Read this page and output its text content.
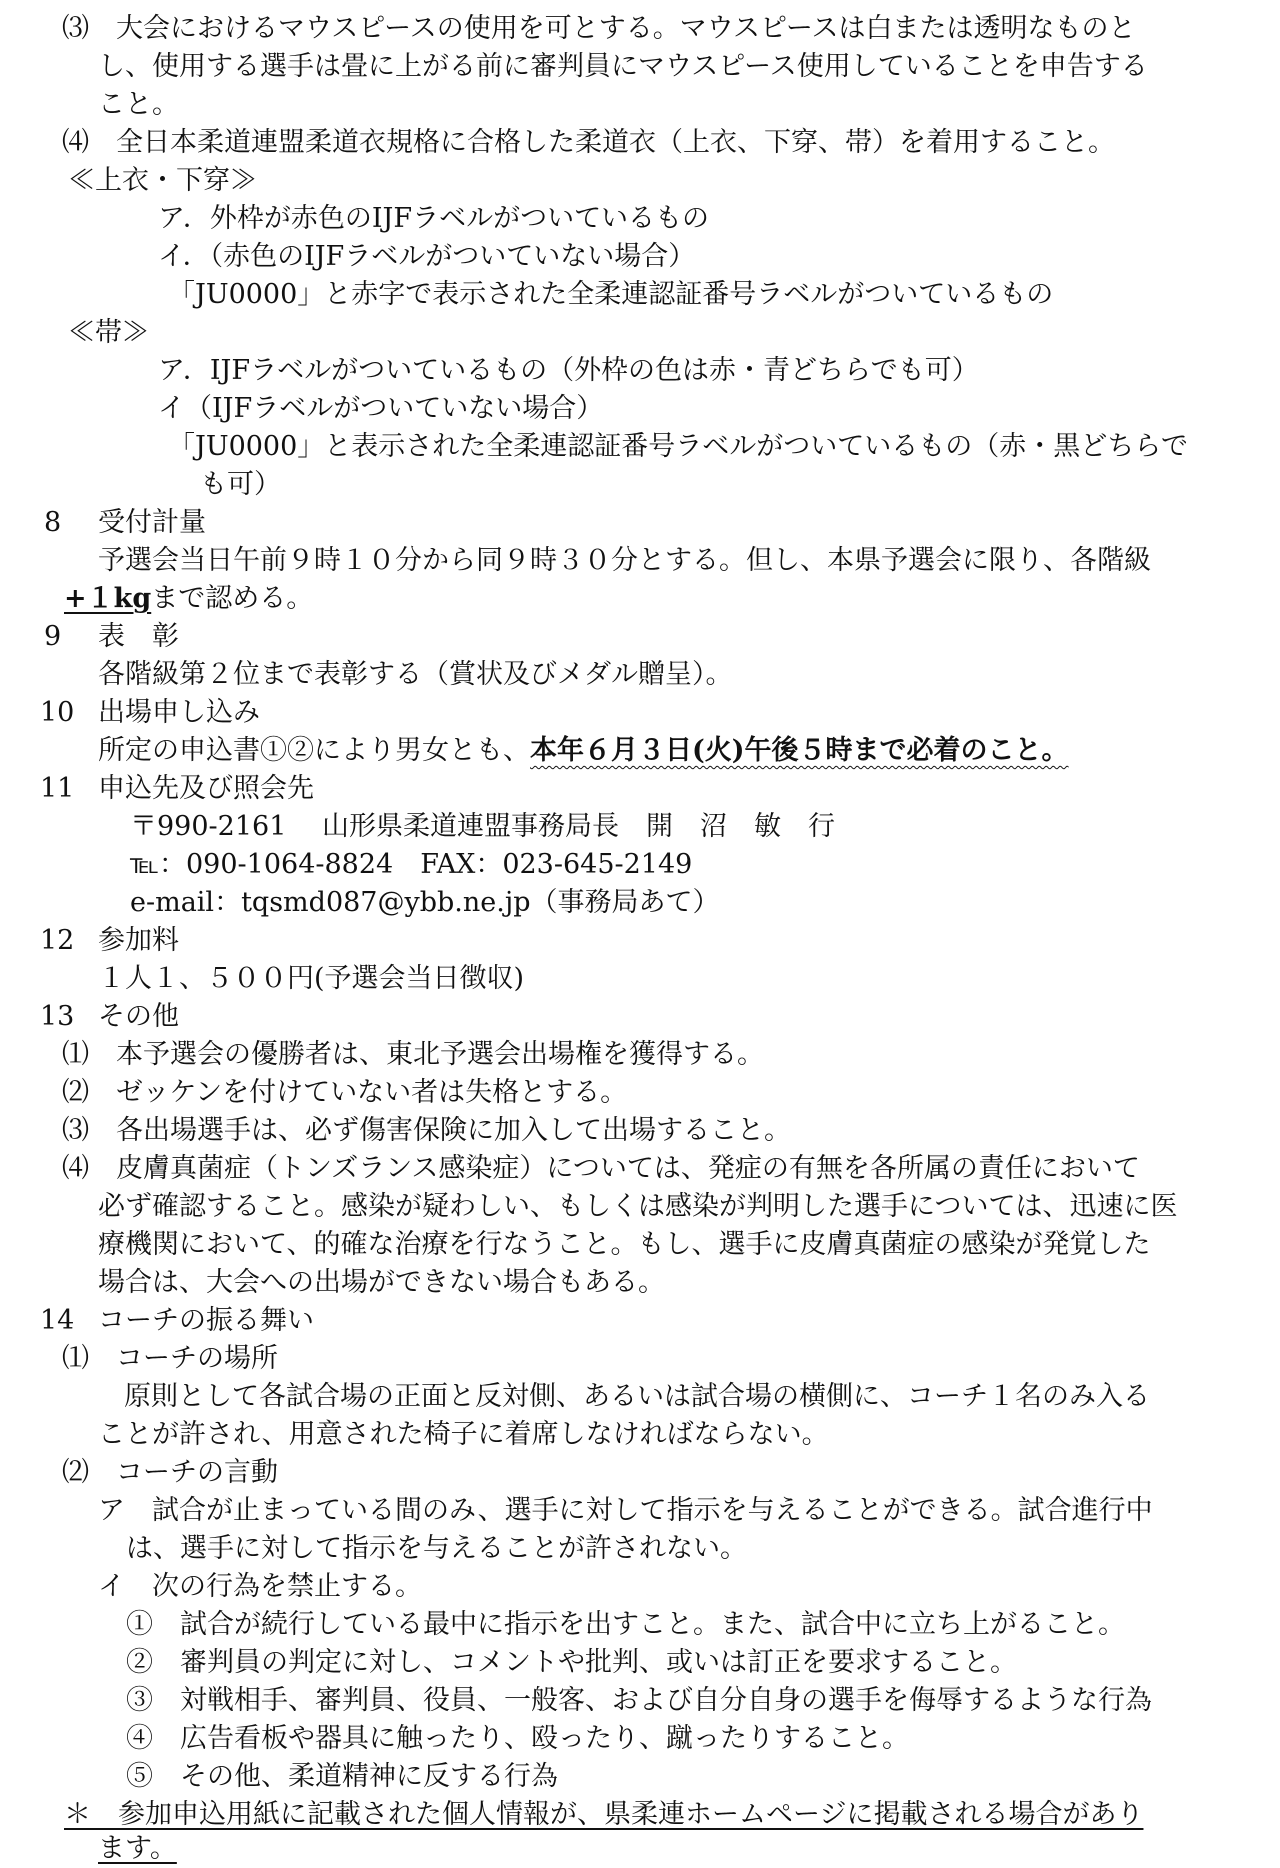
⑶　大会におけるマウスピースの使用を可とする。マウスピースは白または透明なものと
し、使用する選手は畳に上がる前に審判員にマウスピース使用していることを申告する
こと。
⑷　全日本柔道連盟柔道衣規格に合格した柔道衣（上衣、下穿、帯）を着用すること。
≪上衣・下穿≫
ア．外枠が赤色のIJFラベルがついているもの
イ．（赤色のIJFラベルがついていない場合）
「JU0000」と赤字で表示された全柔連認証番号ラベルがついているもの
≪帯≫
ア．IJFラベルがついているもの（外枠の色は赤・青どちらでも可）
イ（IJFラベルがついていない場合）
「JU0000」と表示された全柔連認証番号ラベルがついているもの（赤・黒どちらで
も可）
8 受付計量
予選会当日午前９時１０分から同９時３０分とする。但し、本県予選会に限り、各階級
+１kgまで認める。
9 表　彰
各階級第２位まで表彰する（賞状及びメダル贈呈）。
10 出場申し込み
所定の申込書①②により男女とも、本年６月３日(火)午後５時まで必着のこと。
11 申込先及び照会先
〒990-2161　 山形県柔道連盟事務局長　開　沼　敏　行
℡：090-1064-8824　FAX：023-645-2149
e-mail：tqsmd087@ybb.ne.jp（事務局あて）
12 参加料
１人１、５００円(予選会当日徴収)
13 その他
⑴　本予選会の優勝者は、東北予選会出場権を獲得する。
⑵　ゼッケンを付けていない者は失格とする。
⑶　各出場選手は、必ず傷害保険に加入して出場すること。
⑷　皮膚真菌症（トンズランス感染症）については、発症の有無を各所属の責任において
必ず確認すること。感染が疑わしい、もしくは感染が判明した選手については、迅速に医
療機関において、的確な治療を行なうこと。もし、選手に皮膚真菌症の感染が発覚した
場合は、大会への出場ができない場合もある。
14 コーチの振る舞い
⑴　コーチの場所
原則として各試合場の正面と反対側、あるいは試合場の横側に、コーチ１名のみ入る
ことが許され、用意された椅子に着席しなければならない。
⑵　コーチの言動
ア　試合が止まっている間のみ、選手に対して指示を与えることができる。試合進行中
は、選手に対して指示を与えることが許されない。
イ　次の行為を禁止する。
①　試合が続行している最中に指示を出すこと。また、試合中に立ち上がること。
②　審判員の判定に対し、コメントや批判、或いは訂正を要求すること。
③　対戦相手、審判員、役員、一般客、および自分自身の選手を侮辱するような行為
④　広告看板や器具に触ったり、殴ったり、蹴ったりすること。
⑤　その他、柔道精神に反する行為
＊　参加申込用紙に記載された個人情報が、県柔連ホームページに掲載される場合があり
ます。
